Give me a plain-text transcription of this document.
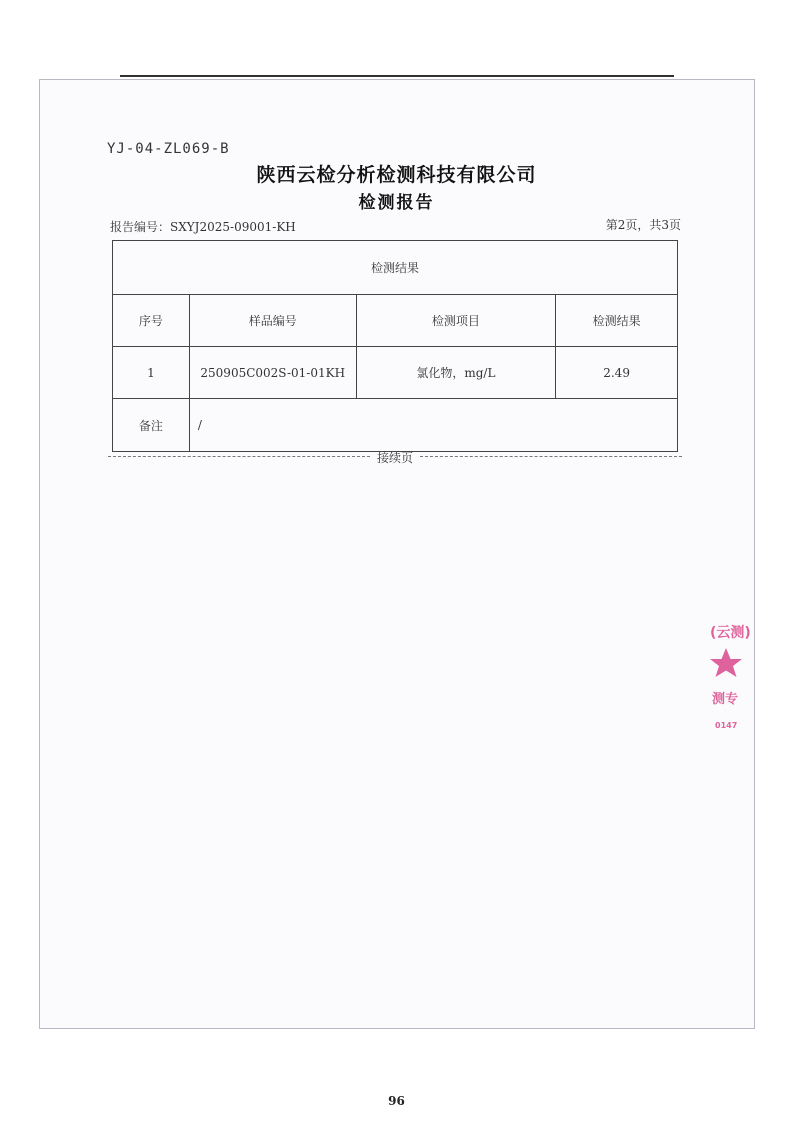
YJ-04-ZL069-B
陕西云检分析检测科技有限公司
检测报告
报告编号：SXYJ2025-09001-KH	第2页，共3页
检测结果			
序号	样品编号	检测项目	检测结果
1	250905C002S-01-01KH	氯化物，mg/L	2.49
备注	/		
接续页
(云测)
测专
0147
96
